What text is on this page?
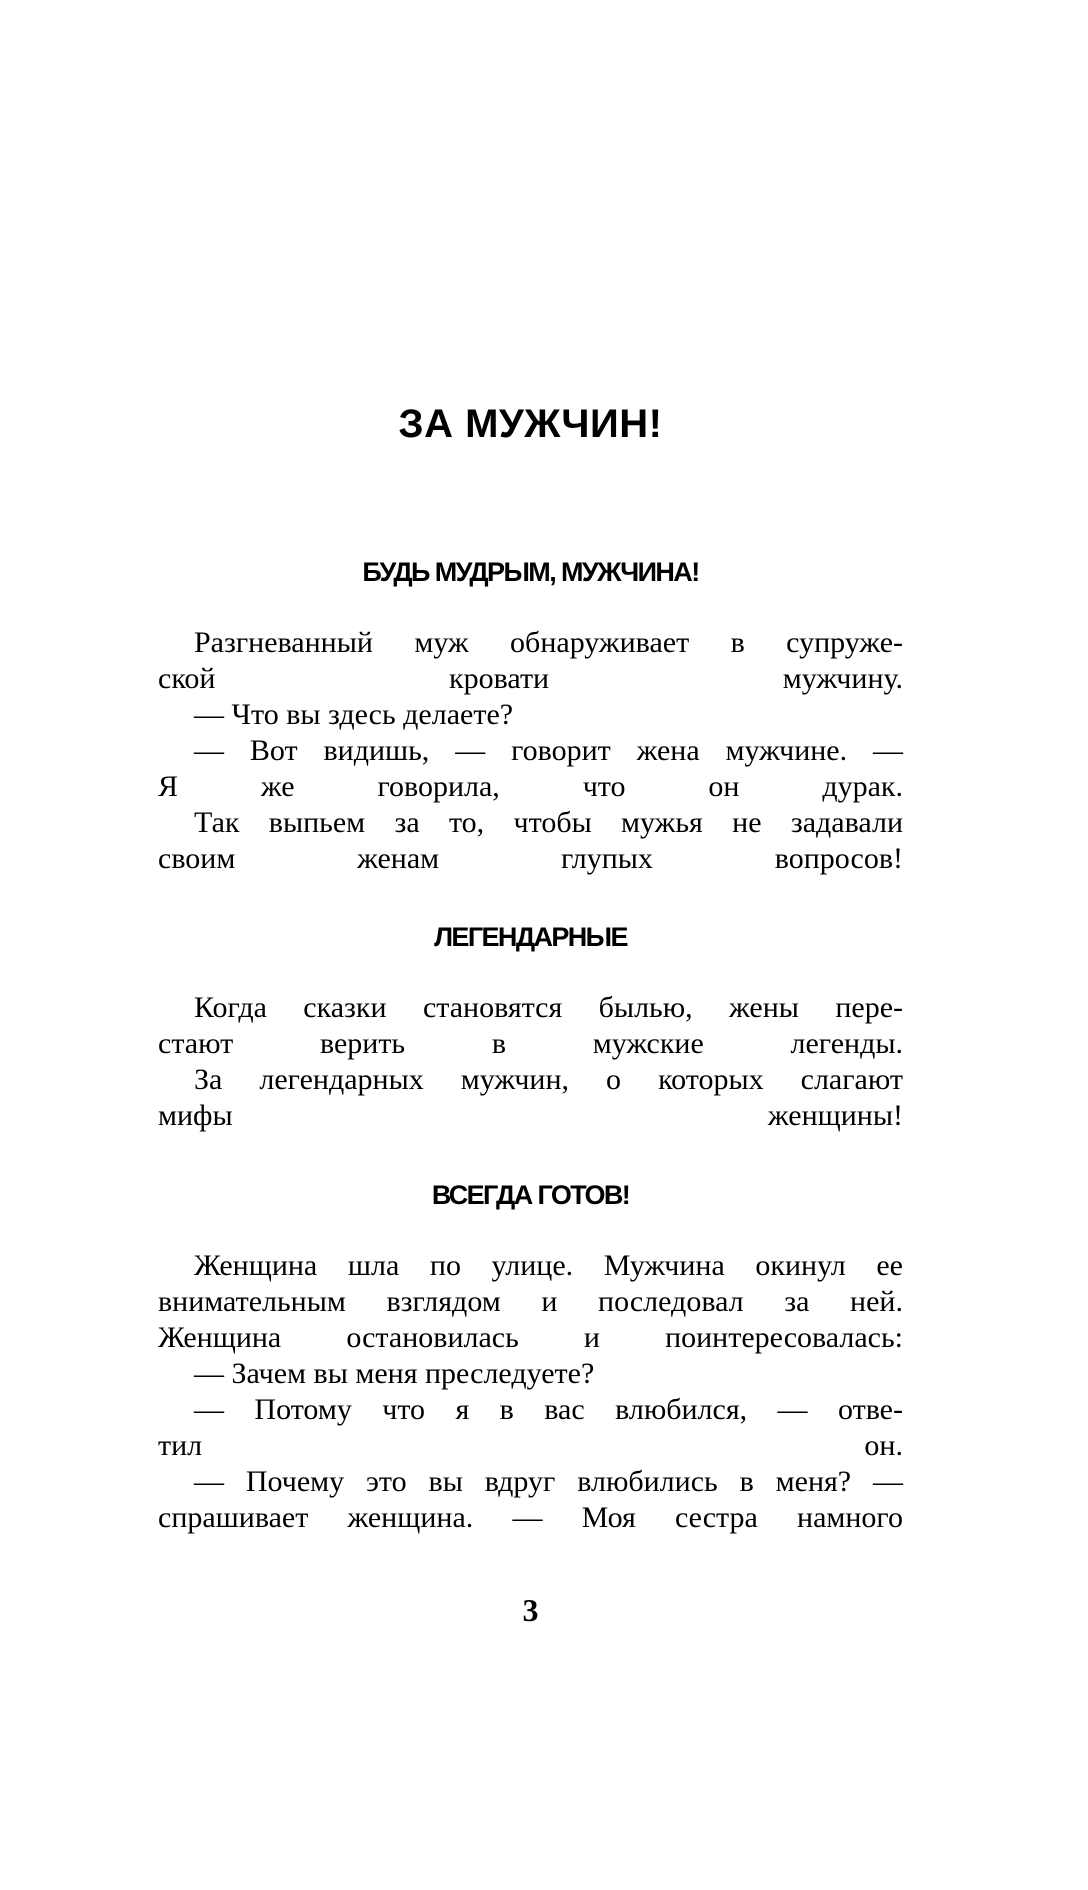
ЗА МУЖЧИН!
БУДЬ МУДРЫМ, МУЖЧИНА!

Разгневанный муж обнаруживает в супруже-
ской кровати мужчину.

— Что вы здесь делаете?

— Вот видишь, — говорит жена мужчине. —
Я же говорила, что он дурак.

Так выпьем за то, чтобы мужья не задавали
своим женам глупых вопросов!

ЛЕГЕНДАРНЫЕ

Когда сказки становятся былью, жены пере-
стают верить в мужские легенды.

За легендарных мужчин, о которых слагают
мифы женщины!

ВСЕГДА ГОТОВ!

Женщина шла по улице. Мужчина окинул ее
внимательным взглядом и последовал за ней.
Женщина остановилась и поинтересовалась:

— Зачем вы меня преследуете?

— Потому что я в вас влюбился, — отве-
тил он.

— Почему это вы вдруг влюбились в меня? —
спрашивает женщина. — Моя сестра намного

3
